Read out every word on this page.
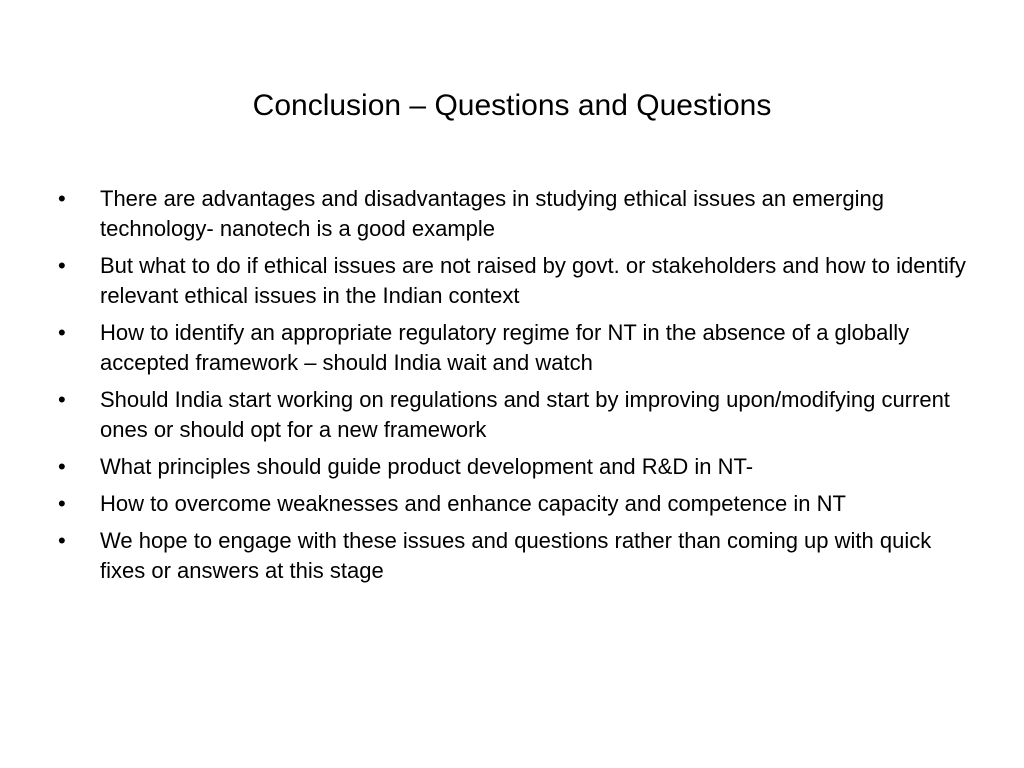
Conclusion – Questions and Questions
•	There are advantages and disadvantages in studying ethical issues an emerging technology- nanotech is a good example
•	But what to do if ethical issues are not raised by govt. or stakeholders and how to identify relevant ethical issues in the Indian context
•	How to identify an appropriate regulatory regime for NT in the absence of a globally accepted framework – should India wait and watch
•	Should India start working on regulations and start by improving upon/modifying current ones or should opt for a new framework
•	What principles should guide product development and R&D in NT-
•	How to overcome weaknesses and enhance capacity and competence in NT
•	We hope to engage with these issues and questions rather than coming up with quick fixes or answers at this stage
